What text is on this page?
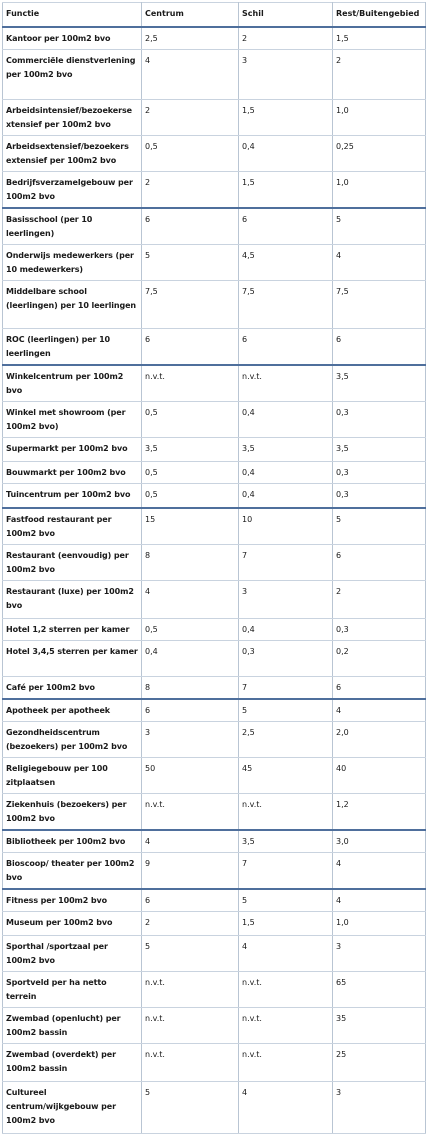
Functie	Centrum	Schil	Rest/Buitengebied
Kantoor per 100m2 bvo	2,5	2	1,5
Commerciële dienstverlening per 100m2 bvo	4	3	2
Arbeidsintensief/bezoekerse xtensief per 100m2 bvo	2	1,5	1,0
Arbeidsextensief/bezoekers extensief per 100m2 bvo	0,5	0,4	0,25
Bedrijfsverzamelgebouw per 100m2 bvo	2	1,5	1,0
Basisschool (per 10 leerlingen)	6	6	5
Onderwijs medewerkers (per 10 medewerkers)	5	4,5	4
Middelbare school (leerlingen) per 10 leerlingen	7,5	7,5	7,5
ROC (leerlingen) per 10 leerlingen	6	6	6
Winkelcentrum per 100m2 bvo	n.v.t.	n.v.t.	3,5
Winkel met showroom (per 100m2 bvo)	0,5	0,4	0,3
Supermarkt per 100m2 bvo	3,5	3,5	3,5
Bouwmarkt per 100m2 bvo	0,5	0,4	0,3
Tuincentrum per 100m2 bvo	0,5	0,4	0,3
Fastfood restaurant per 100m2 bvo	15	10	5
Restaurant (eenvoudig) per 100m2 bvo	8	7	6
Restaurant (luxe) per 100m2 bvo	4	3	2
Hotel 1,2 sterren per kamer	0,5	0,4	0,3
Hotel 3,4,5 sterren per kamer	0,4	0,3	0,2
Café per 100m2 bvo	8	7	6
Apotheek per apotheek	6	5	4
Gezondheidscentrum (bezoekers) per 100m2 bvo	3	2,5	2,0
Religiegebouw per 100 zitplaatsen	50	45	40
Ziekenhuis (bezoekers) per 100m2 bvo	n.v.t.	n.v.t.	1,2
Bibliotheek per 100m2 bvo	4	3,5	3,0
Bioscoop/ theater per 100m2 bvo	9	7	4
Fitness per 100m2 bvo	6	5	4
Museum per 100m2 bvo	2	1,5	1,0
Sporthal /sportzaal per 100m2 bvo	5	4	3
Sportveld per ha netto terrein	n.v.t.	n.v.t.	65
Zwembad (openlucht) per 100m2 bassin	n.v.t.	n.v.t.	35
Zwembad (overdekt) per 100m2 bassin	n.v.t.	n.v.t.	25
Cultureel centrum/wijkgebouw per 100m2 bvo	5	4	3
